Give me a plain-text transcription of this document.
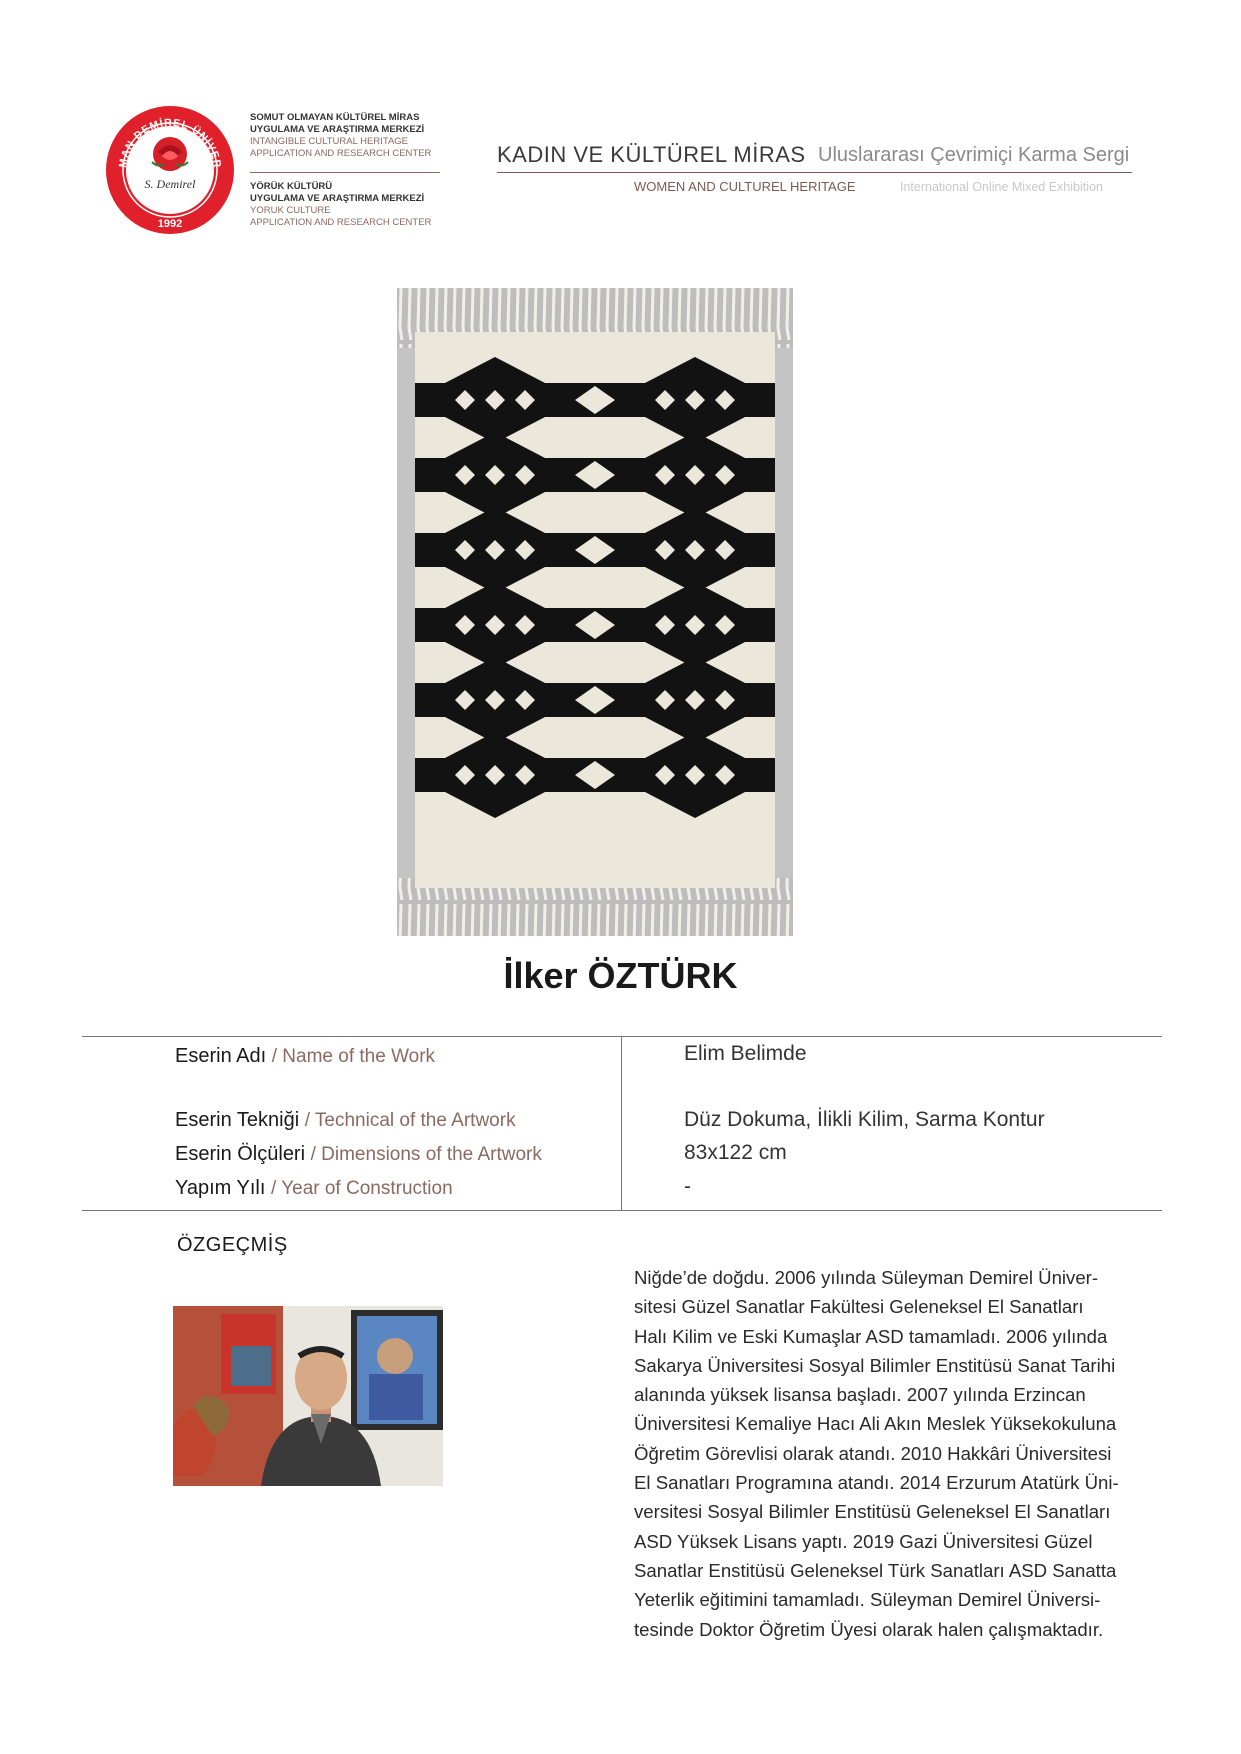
MAN DEMİREL ÜNİVER
S. Demirel
1992
SOMUT OLMAYAN KÜLTÜREL MİRAS
UYGULAMA VE ARAŞTIRMA MERKEZİ
INTANGIBLE CULTURAL HERITAGE
APPLICATION AND RESEARCH CENTER
YÖRÜK KÜLTÜRÜ
UYGULAMA VE ARAŞTIRMA MERKEZİ
YORUK CULTURE
APPLICATION AND RESEARCH CENTER
KADIN VE KÜLTÜREL MİRAS Uluslararası Çevrimiçi Karma Sergi
WOMEN AND CULTUREL HERITAGE	International Online Mixed Exhibition
İlker ÖZTÜRK
Eserin Adı / Name of the Work	Elim Belimde
Eserin Tekniği / Technical of the Artwork	Düz Dokuma, İlikli Kilim, Sarma Kontur
Eserin Ölçüleri / Dimensions of the Artwork	83x122 cm
Yapım Yılı / Year of Construction	-
ÖZGEÇMİŞ
Niğde’de doğdu. 2006 yılında Süleyman Demirel Üniver-
sitesi Güzel Sanatlar Fakültesi Geleneksel El Sanatları
Halı Kilim ve Eski Kumaşlar ASD tamamladı. 2006 yılında
Sakarya Üniversitesi Sosyal Bilimler Enstitüsü Sanat Tarihi
alanında yüksek lisansa başladı. 2007 yılında Erzincan
Üniversitesi Kemaliye Hacı Ali Akın Meslek Yüksekokuluna
Öğretim Görevlisi olarak atandı. 2010 Hakkâri Üniversitesi
El Sanatları Programına atandı. 2014 Erzurum Atatürk Üni-
versitesi Sosyal Bilimler Enstitüsü Geleneksel El Sanatları
ASD Yüksek Lisans yaptı. 2019 Gazi Üniversitesi Güzel
Sanatlar Enstitüsü Geleneksel Türk Sanatları ASD Sanatta
Yeterlik eğitimini tamamladı. Süleyman Demirel Üniversi-
tesinde Doktor Öğretim Üyesi olarak halen çalışmaktadır.
